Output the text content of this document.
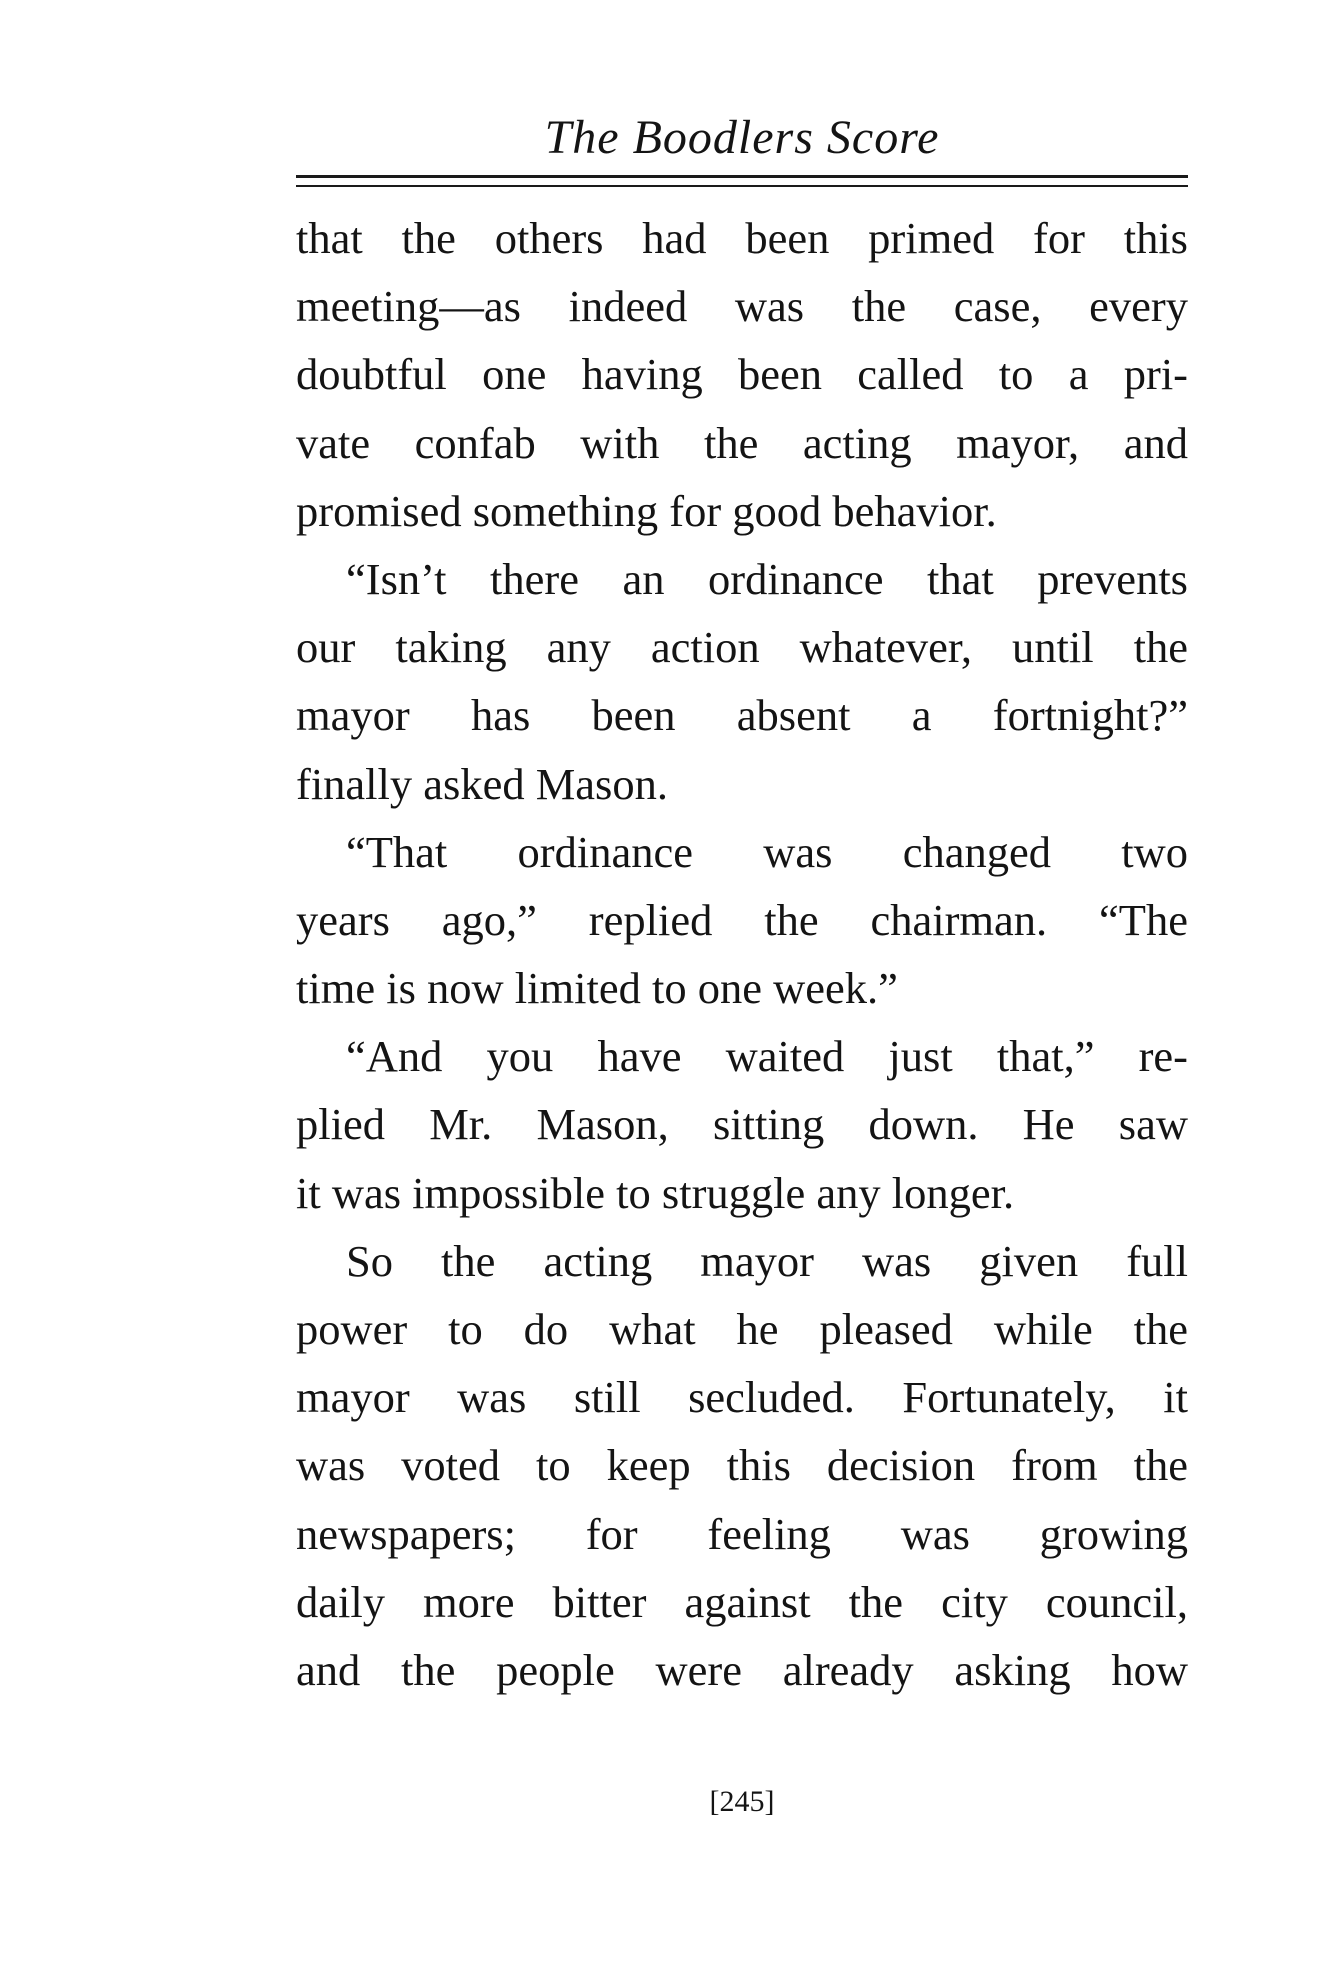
The Boodlers Score
that the others had been primed for this
meeting—as indeed was the case, every
doubtful one having been called to a pri-
vate confab with the acting mayor, and
promised something for good behavior.
“Isn’t there an ordinance that prevents
our taking any action whatever, until the
mayor has been absent a fortnight?”
finally asked Mason.
“That ordinance was changed two
years ago,” replied the chairman. “The
time is now limited to one week.”
“And you have waited just that,” re-
plied Mr. Mason, sitting down. He saw
it was impossible to struggle any longer.
So the acting mayor was given full
power to do what he pleased while the
mayor was still secluded. Fortunately, it
was voted to keep this decision from the
newspapers; for feeling was growing
daily more bitter against the city council,
and the people were already asking how
[245]
